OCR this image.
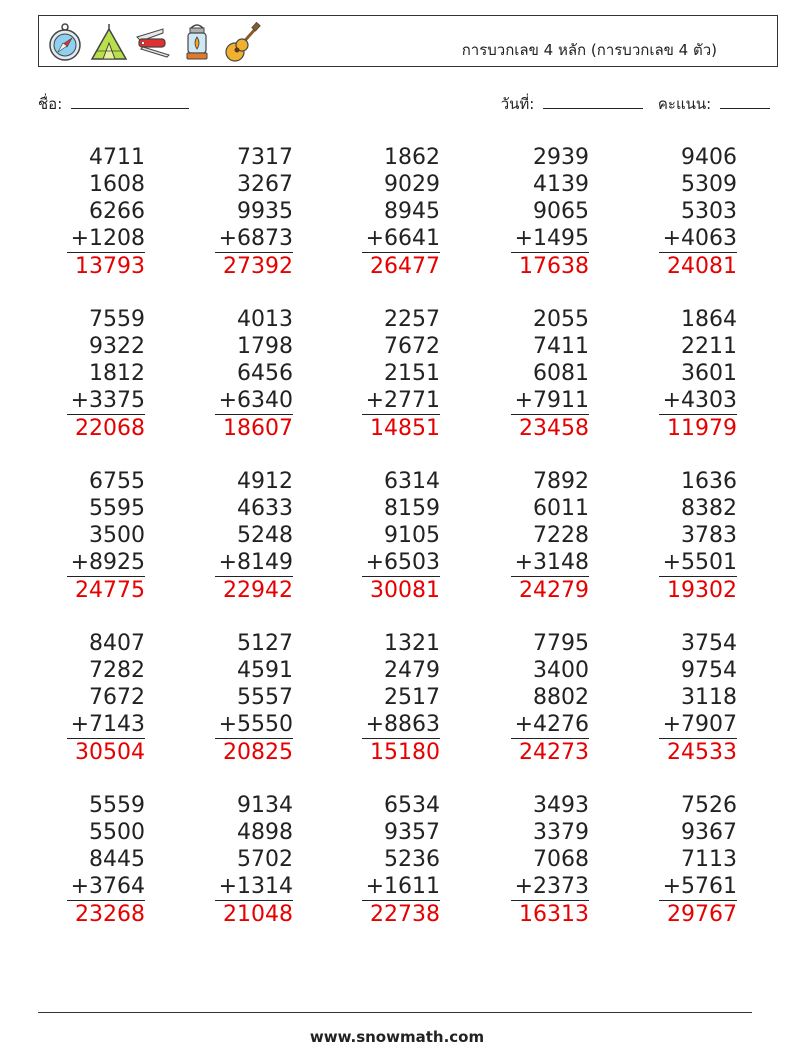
การบวกเลข 4 หลัก (การบวกเลข 4 ตัว)
ชื่อ:	วันที่:	คะแนน:
4711
1608
6266
+1208
13793
7317
3267
9935
+6873
27392
1862
9029
8945
+6641
26477
2939
4139
9065
+1495
17638
9406
5309
5303
+4063
24081
7559
9322
1812
+3375
22068
4013
1798
6456
+6340
18607
2257
7672
2151
+2771
14851
2055
7411
6081
+7911
23458
1864
2211
3601
+4303
11979
6755
5595
3500
+8925
24775
4912
4633
5248
+8149
22942
6314
8159
9105
+6503
30081
7892
6011
7228
+3148
24279
1636
8382
3783
+5501
19302
8407
7282
7672
+7143
30504
5127
4591
5557
+5550
20825
1321
2479
2517
+8863
15180
7795
3400
8802
+4276
24273
3754
9754
3118
+7907
24533
5559
5500
8445
+3764
23268
9134
4898
5702
+1314
21048
6534
9357
5236
+1611
22738
3493
3379
7068
+2373
16313
7526
9367
7113
+5761
29767
www.snowmath.com
